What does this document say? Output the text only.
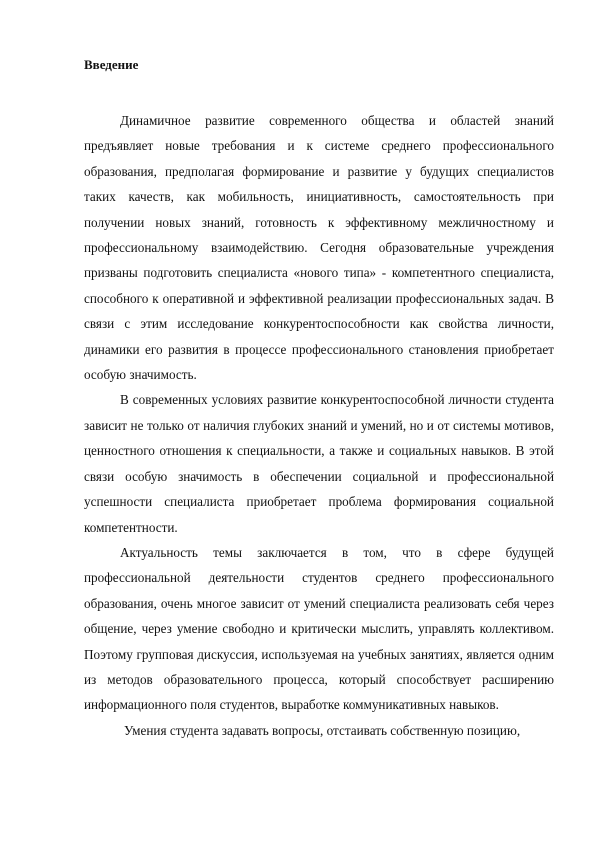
Введение

Динамичное развитие современного общества и областей знаний предъявляет новые требования и к системе среднего профессионального образования, предполагая формирование и развитие у будущих специалистов таких качеств, как мобильность, инициативность, самостоятельность при получении новых знаний, готовность к эффективному межличностному и профессиональному взаимодействию. Сегодня образовательные учреждения призваны подготовить специалиста «нового типа» - компетентного специалиста, способного к оперативной и эффективной реализации профессиональных задач. В связи с этим исследование конкурентоспособности как свойства личности, динамики его развития в процессе профессионального становления приобретает особую значимость.

В современных условиях развитие конкурентоспособной личности студента зависит не только от наличия глубоких знаний и умений, но и от системы мотивов, ценностного отношения к специальности, а также и социальных навыков. В этой связи особую значимость в обеспечении социальной и профессиональной успешности специалиста приобретает проблема формирования социальной компетентности.

Актуальность темы заключается в том, что в сфере будущей профессиональной деятельности студентов среднего профессионального образования, очень многое зависит от умений специалиста реализовать себя через общение, через умение свободно и критически мыслить, управлять коллективом. Поэтому групповая дискуссия, используемая на учебных занятиях, является одним из методов образовательного процесса, который способствует расширению информационного поля студентов, выработке коммуникативных навыков.

Умения студента задавать вопросы, отстаивать собственную позицию,
